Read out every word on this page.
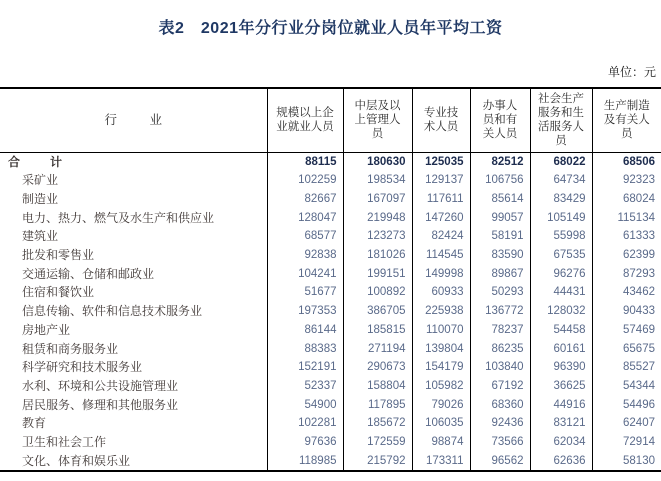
表2　2021年分行业分岗位就业人员年平均工资
单位：元
行　业	规模以上企业就业人员	中层及以上管理人员	专业技术人员	办事人员和有关人员	社会生产服务和生活服务人员	生产制造及有关人员
合　计	88115	180630	125035	82512	68022	68506
采矿业	102259	198534	129137	106756	64734	92323
制造业	82667	167097	117611	85614	83429	68024
电力、热力、燃气及水生产和供应业	128047	219948	147260	99057	105149	115134
建筑业	68577	123273	82424	58191	55998	61333
批发和零售业	92838	181026	114545	83590	67535	62399
交通运输、仓储和邮政业	104241	199151	149998	89867	96276	87293
住宿和餐饮业	51677	100892	60933	50293	44431	43462
信息传输、软件和信息技术服务业	197353	386705	225938	136772	128032	90433
房地产业	86144	185815	110070	78237	54458	57469
租赁和商务服务业	88383	271194	139804	86235	60161	65675
科学研究和技术服务业	152191	290673	154179	103840	96390	85527
水利、环境和公共设施管理业	52337	158804	105982	67192	36625	54344
居民服务、修理和其他服务业	54900	117895	79026	68360	44916	54496
教育	102281	185672	106035	92436	83121	62407
卫生和社会工作	97636	172559	98874	73566	62034	72914
文化、体育和娱乐业	118985	215792	173311	96562	62636	58130
